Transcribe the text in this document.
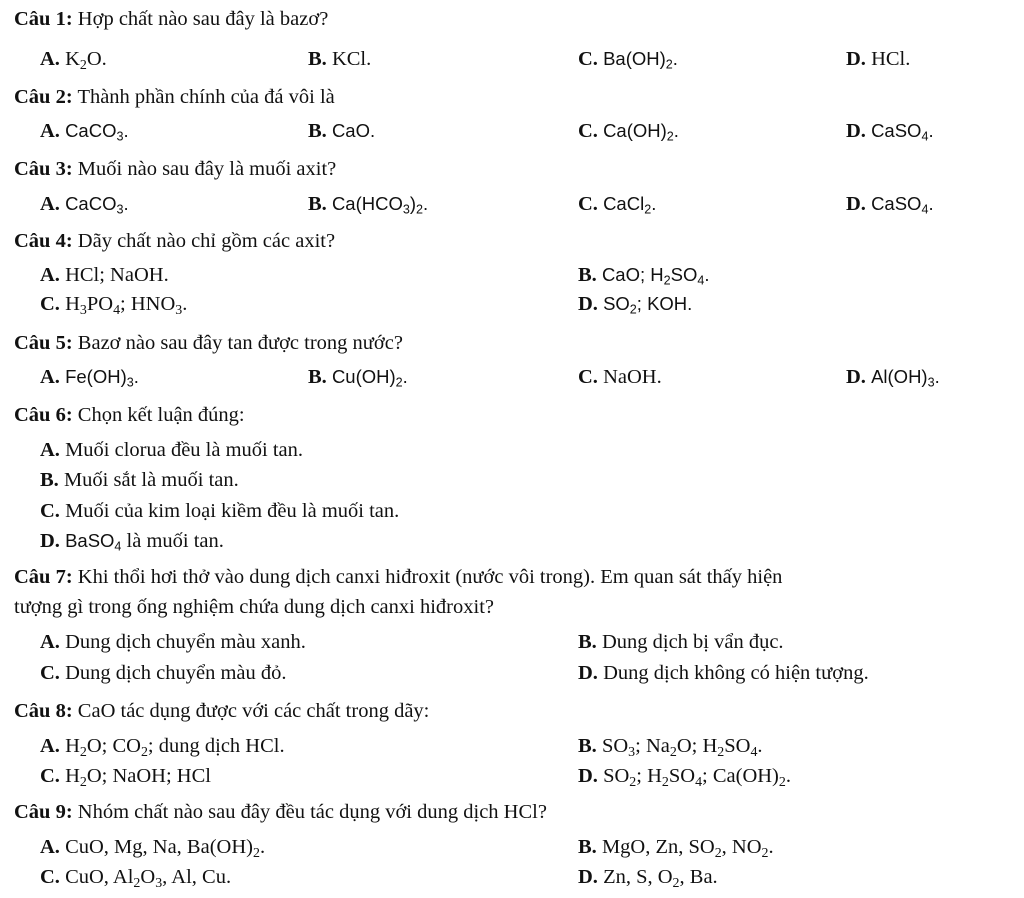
Câu 1: Hợp chất nào sau đây là bazơ?
A. $K_2O$.	B. KCl.	C. $Ba(OH)_2$.	D. HCl.
Câu 2: Thành phần chính của đá vôi là
A. CaCO$_3$.	B. CaO.	C. $Ca(OH)_2$.	D. CaSO$_4$.
Câu 3: Muối nào sau đây là muối axit?
A. CaCO$_3$.	B. $Ca(HCO_3)_2$.	C. CaCl$_2$.	D. CaSO$_4$.
Câu 4: Dãy chất nào chỉ gồm các axit?
A. HCl; NaOH.	B. CaO; $H_2SO_4$.
C. $H_3PO_4$; $HNO_3$.	D. $SO_2$; KOH.
Câu 5: Bazơ nào sau đây tan được trong nước?
A. $Fe(OH)_3$.	B. $Cu(OH)_2$.	C. NaOH.	D. $Al(OH)_3$.
Câu 6: Chọn kết luận đúng:
A. Muối clorua đều là muối tan.
B. Muối sắt là muối tan.
C. Muối của kim loại kiềm đều là muối tan.
D. BaSO$_4$ là muối tan.
Câu 7: Khi thổi hơi thở vào dung dịch canxi hiđroxit (nước vôi trong). Em quan sát thấy hiện
tượng gì trong ống nghiệm chứa dung dịch canxi hiđroxit?
A. Dung dịch chuyển màu xanh.	B. Dung dịch bị vẩn đục.
C. Dung dịch chuyển màu đỏ.	D. Dung dịch không có hiện tượng.
Câu 8: CaO tác dụng được với các chất trong dãy:
A. $H_2O$; $CO_2$; dung dịch HCl.	B. $SO_3$; $Na_2O$; $H_2SO_4$.
C. $H_2O$; NaOH; HCl	D. $SO_2$; $H_2SO_4$; $Ca(OH)_2$.
Câu 9: Nhóm chất nào sau đây đều tác dụng với dung dịch HCl?
A. CuO, Mg, Na, $Ba(OH)_2$.	B. MgO, Zn, $SO_2$, $NO_2$.
C. CuO, $Al_2O_3$, Al, Cu.	D. Zn, S, $O_2$, Ba.
